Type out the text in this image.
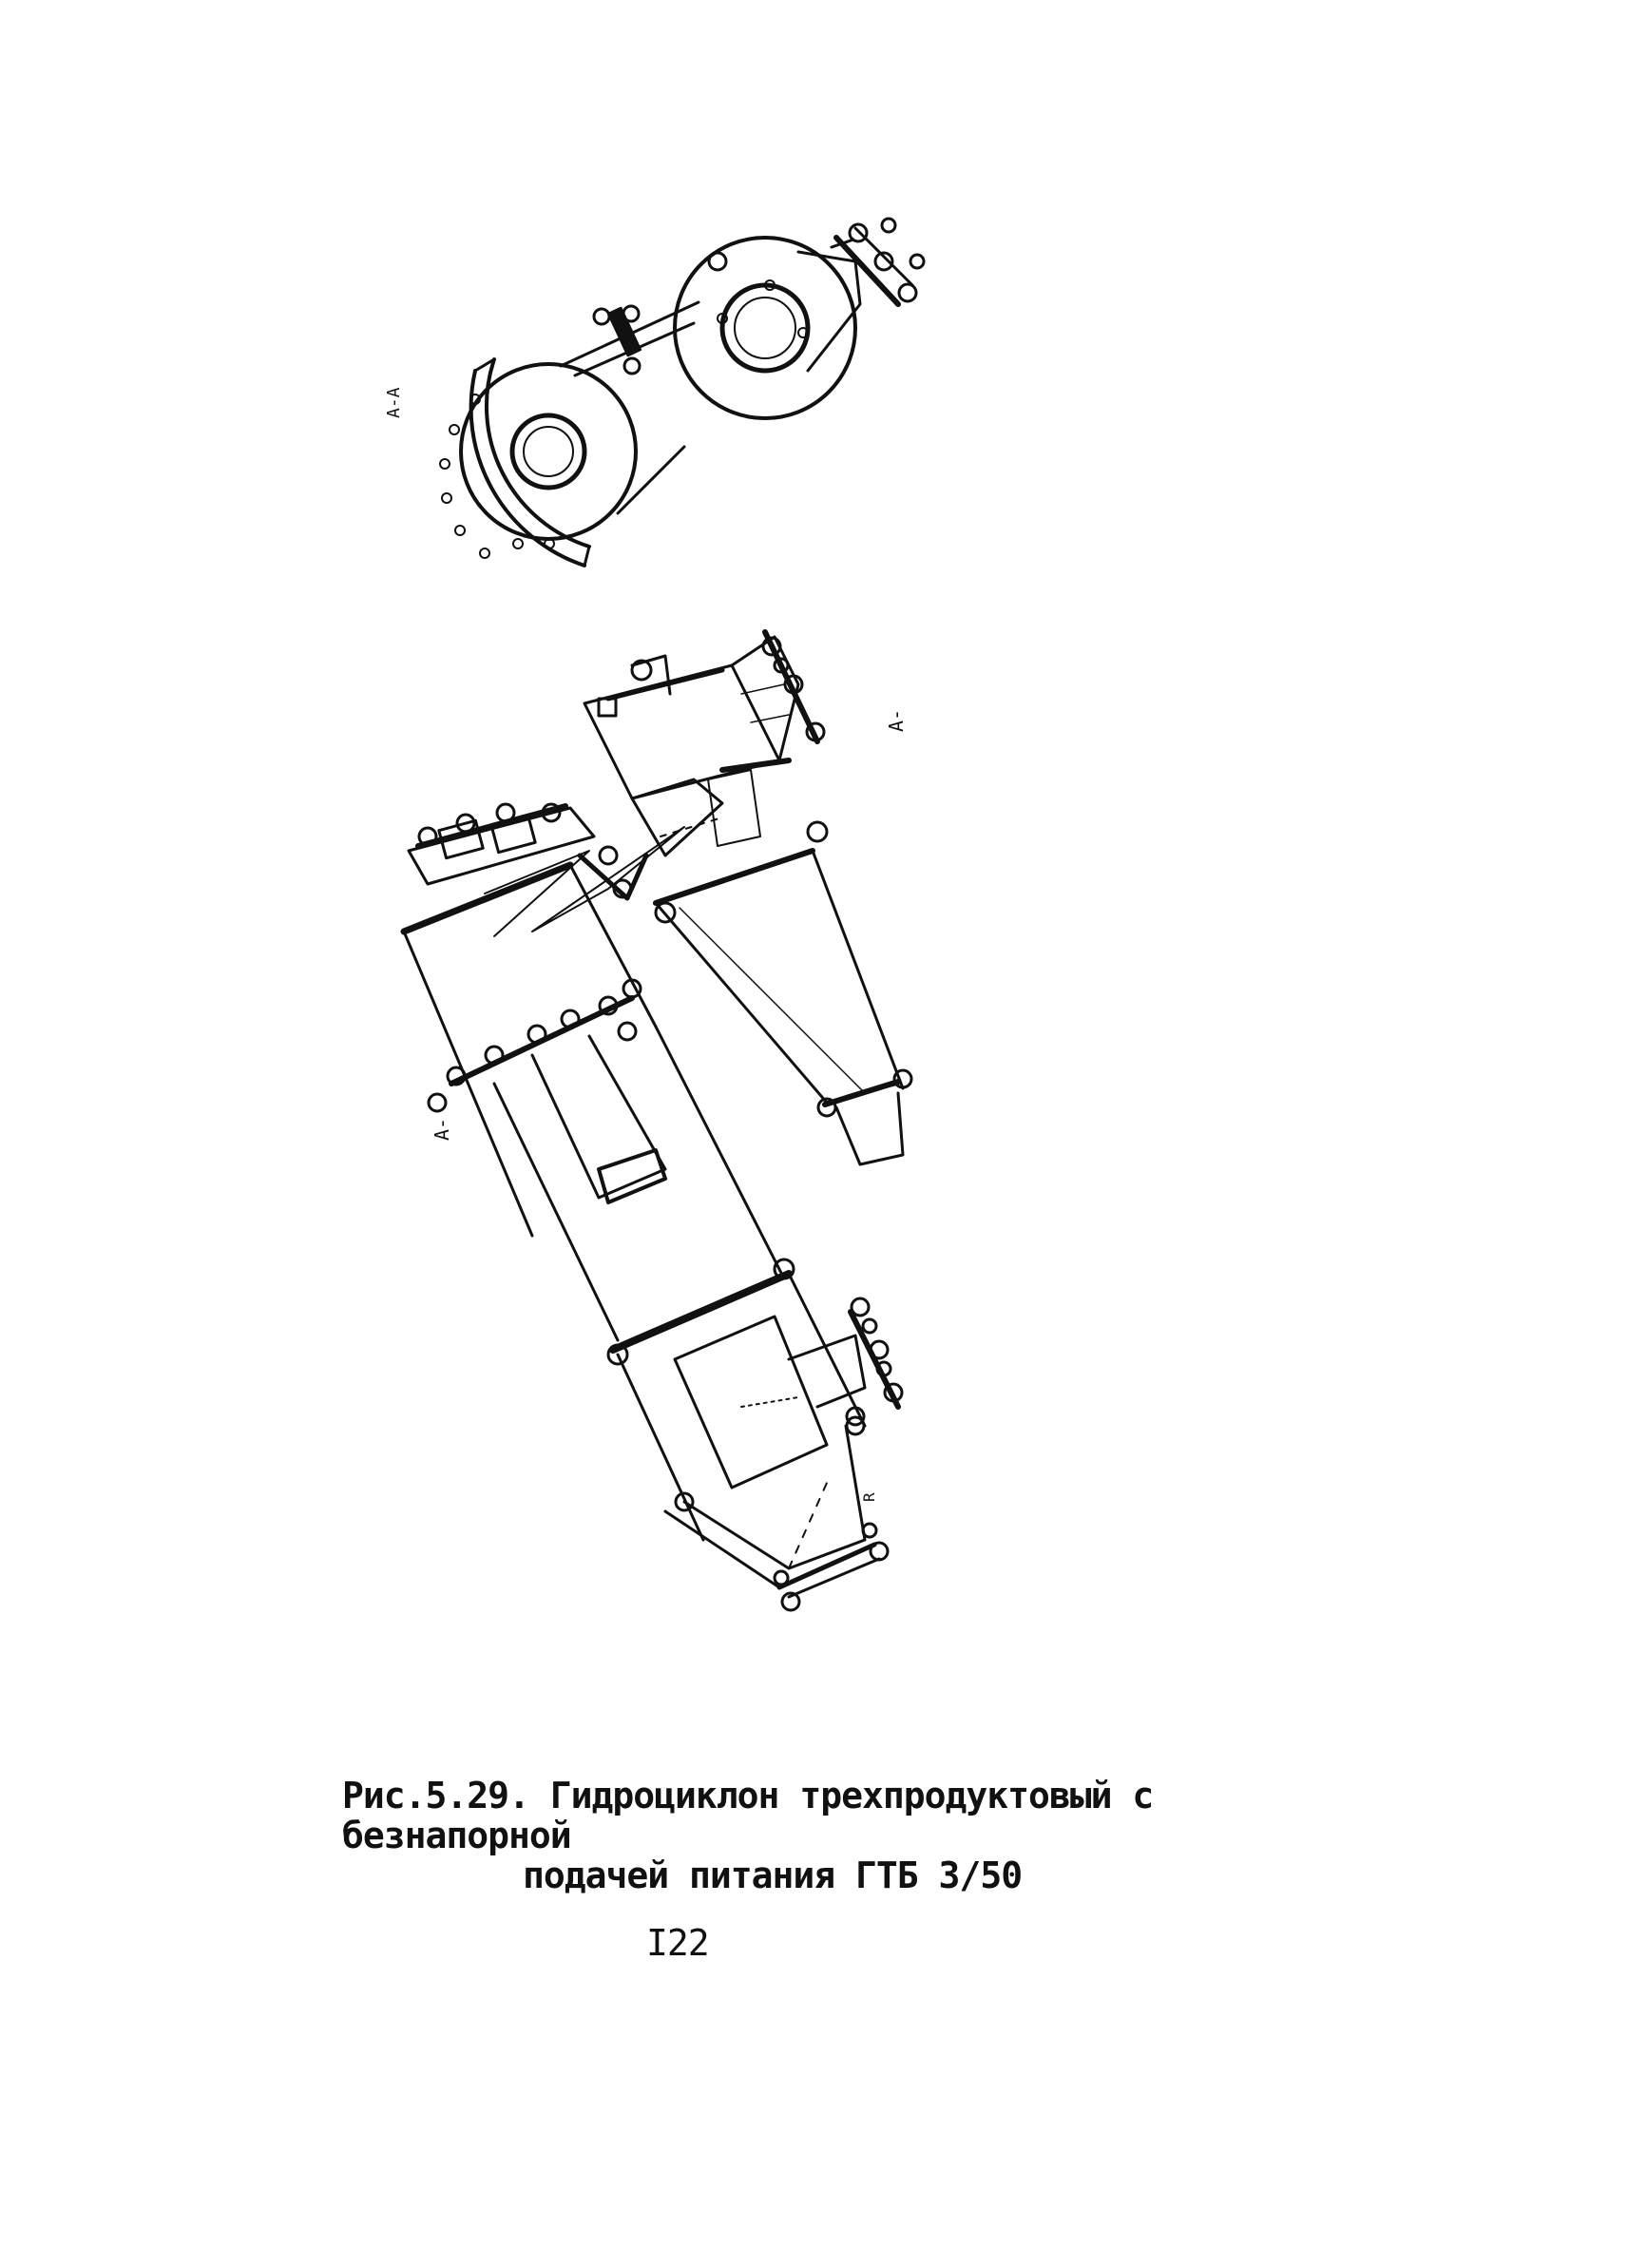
A-A
A-
A-
R
Рис.5.29. Гидроциклон трехпродуктовый с безнапорной
подачей питания ГТБ 3/50
I22
